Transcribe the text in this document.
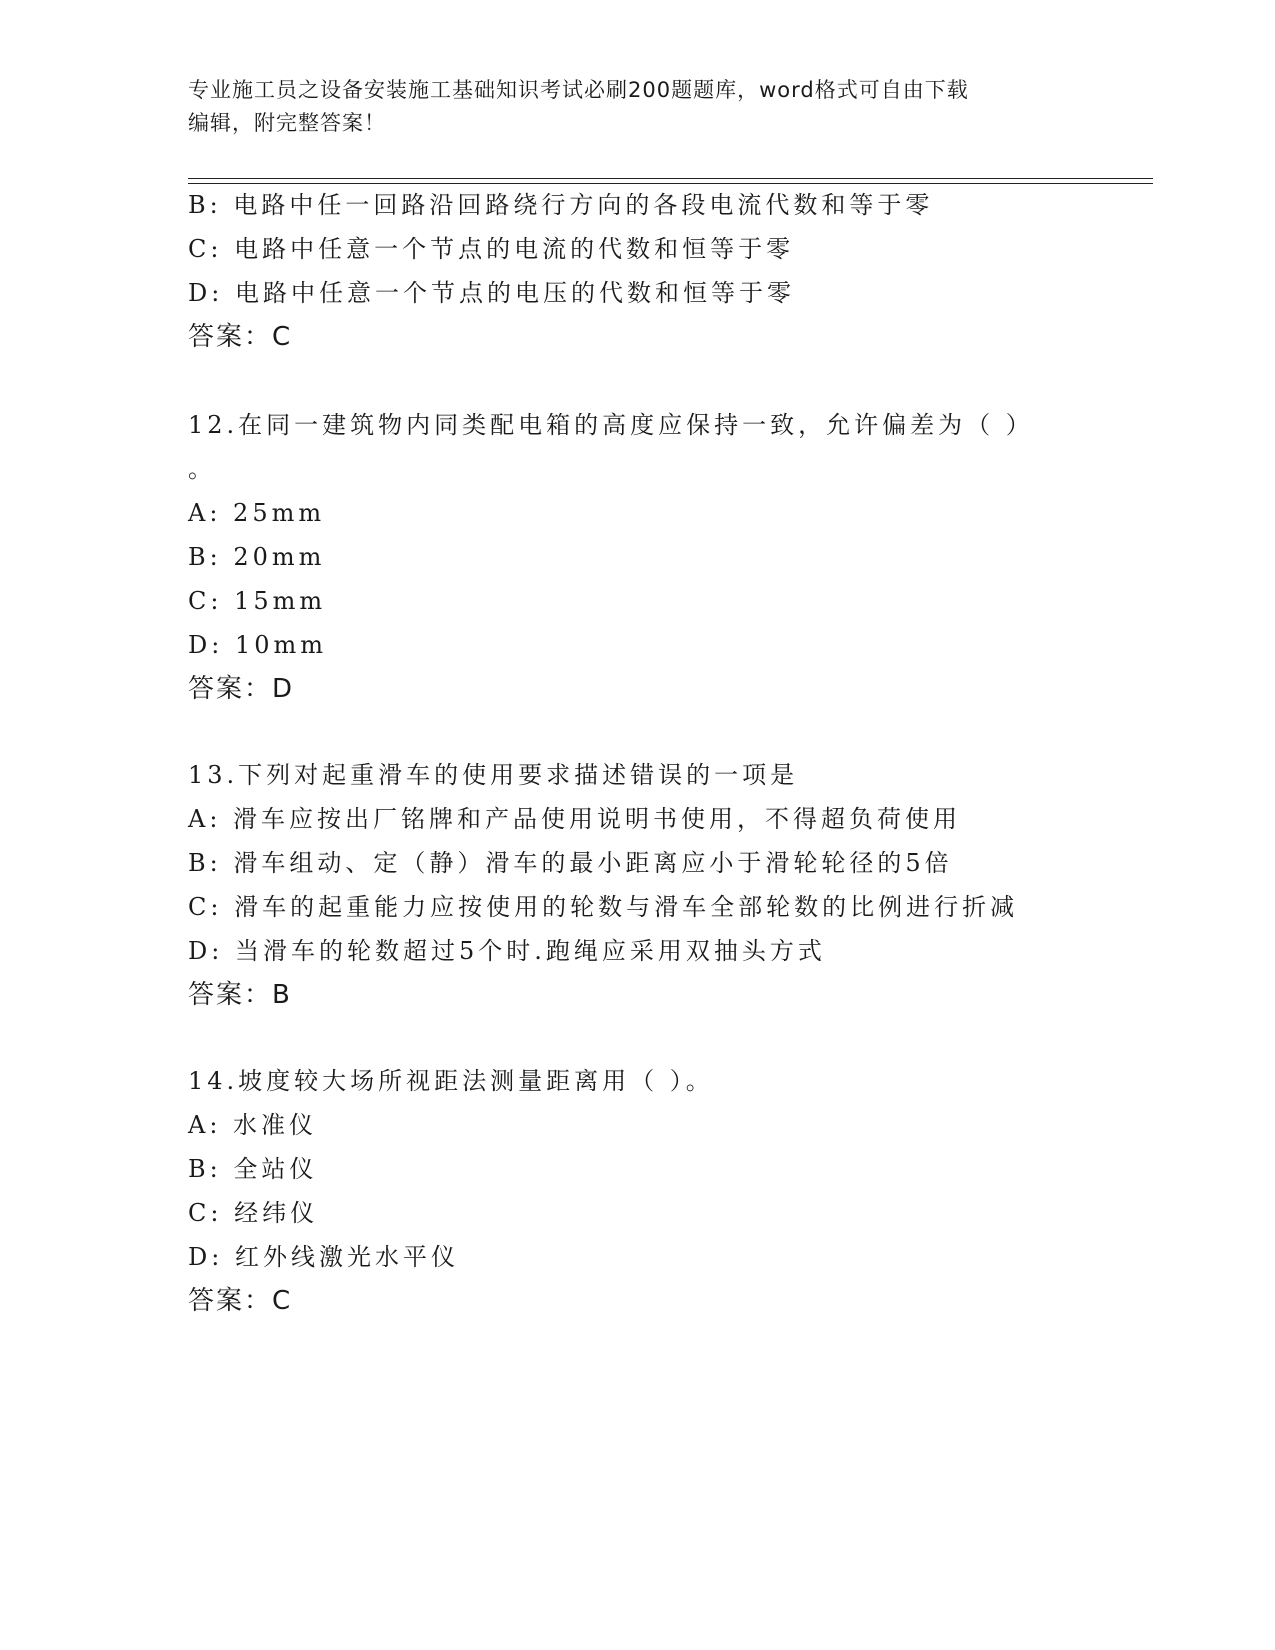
专业施工员之设备安装施工基础知识考试必刷200题题库，word格式可自由下载
编辑，附完整答案！
B: 电路中任一回路沿回路绕行方向的各段电流代数和等于零
C: 电路中任意一个节点的电流的代数和恒等于零
D: 电路中任意一个节点的电压的代数和恒等于零
答案：C
12.在同一建筑物内同类配电箱的高度应保持一致，允许偏差为（ ）
。
A: 25mm
B: 20mm
C: 15mm
D: 10mm
答案：D
13.下列对起重滑车的使用要求描述错误的一项是
A: 滑车应按出厂铭牌和产品使用说明书使用，不得超负荷使用
B: 滑车组动、定（静）滑车的最小距离应小于滑轮轮径的5倍
C: 滑车的起重能力应按使用的轮数与滑车全部轮数的比例进行折减
D: 当滑车的轮数超过5个时.跑绳应采用双抽头方式
答案：B
14.坡度较大场所视距法测量距离用（ ）。
A: 水准仪
B: 全站仪
C: 经纬仪
D: 红外线激光水平仪
答案：C
